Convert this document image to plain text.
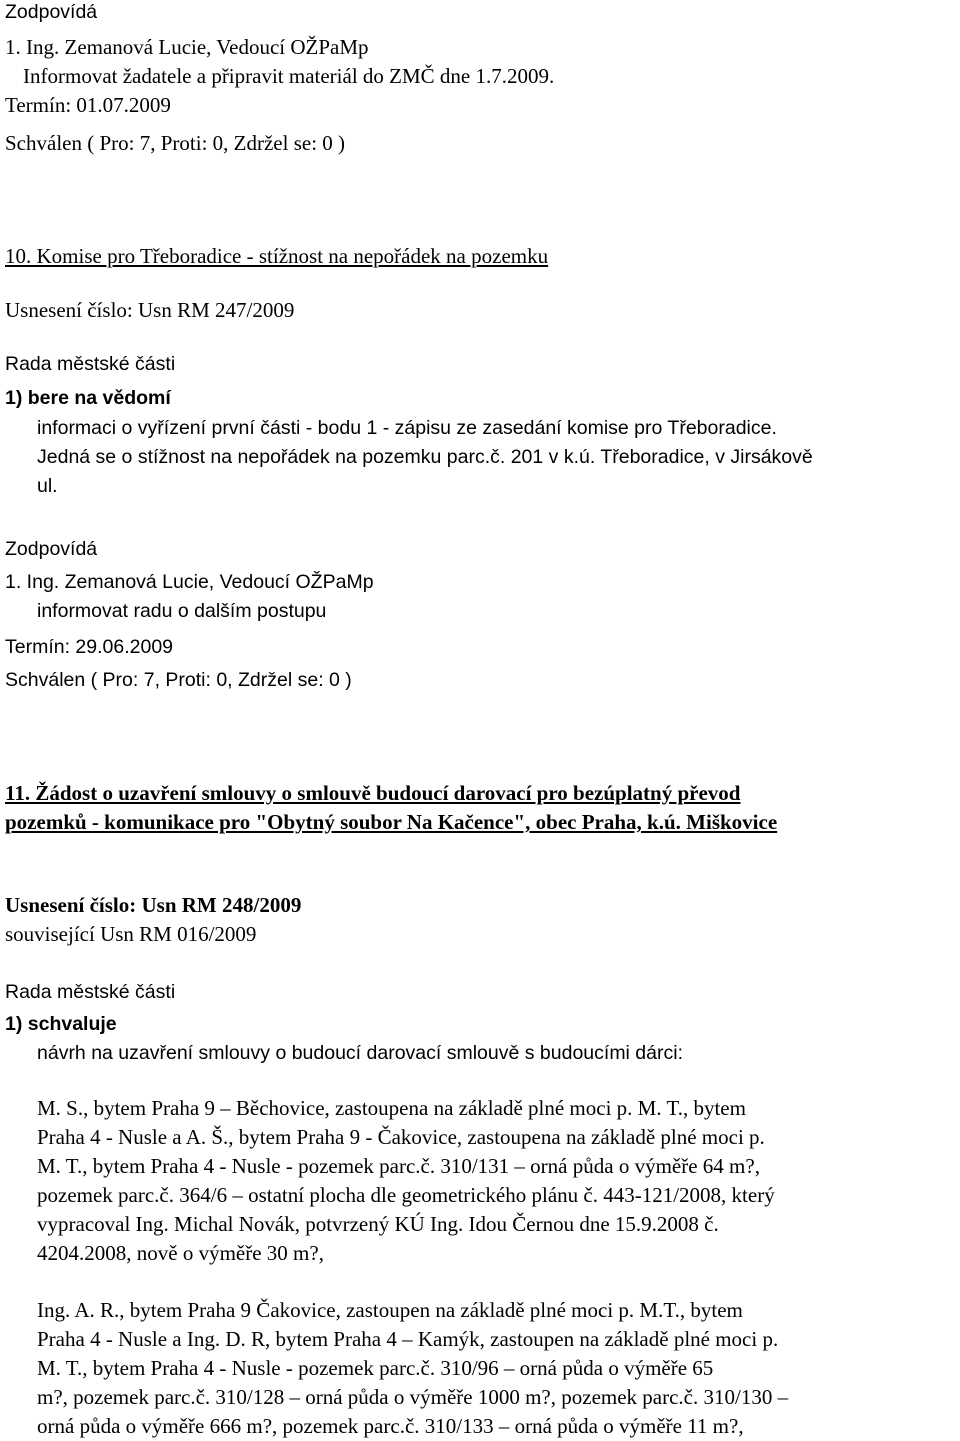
Zodpovídá
1. Ing. Zemanová Lucie, Vedoucí OŽPaMp
Informovat žadatele a připravit materiál do ZMČ dne 1.7.2009.
Termín: 01.07.2009
Schválen ( Pro: 7, Proti: 0, Zdržel se: 0 )
10. Komise pro Třeboradice - stížnost na nepořádek na pozemku
Usnesení číslo: Usn RM 247/2009
Rada městské části
1) bere na vědomí
informaci o vyřízení první části - bodu 1 - zápisu ze zasedání komise pro Třeboradice.
Jedná se o stížnost na nepořádek na pozemku parc.č. 201 v k.ú. Třeboradice, v Jirsákově
ul.
Zodpovídá
1. Ing. Zemanová Lucie, Vedoucí OŽPaMp
informovat radu o dalším postupu
Termín: 29.06.2009
Schválen ( Pro: 7, Proti: 0, Zdržel se: 0 )
11. Žádost o uzavření smlouvy o smlouvě budoucí darovací pro bezúplatný převod
pozemků - komunikace pro "Obytný soubor Na Kačence", obec Praha, k.ú. Miškovice
Usnesení číslo: Usn RM 248/2009
související Usn RM 016/2009
Rada městské části
1) schvaluje
návrh na uzavření smlouvy o budoucí darovací smlouvě s budoucími dárci:
M. S., bytem Praha 9 – Běchovice, zastoupena na základě plné moci p. M. T., bytem
Praha 4 - Nusle a A. Š., bytem Praha 9 - Čakovice, zastoupena na základě plné moci p.
M. T., bytem Praha 4 - Nusle - pozemek parc.č. 310/131 – orná půda o výměře 64 m?,
pozemek parc.č. 364/6 – ostatní plocha dle geometrického plánu č. 443-121/2008, který
vypracoval Ing. Michal Novák, potvrzený KÚ Ing. Idou Černou dne 15.9.2008 č.
4204.2008, nově o výměře 30 m?,
Ing. A. R., bytem Praha 9 Čakovice, zastoupen na základě plné moci p. M.T., bytem
Praha 4 - Nusle a Ing. D. R, bytem Praha 4 – Kamýk, zastoupen na základě plné moci p.
M. T., bytem Praha 4 - Nusle - pozemek parc.č. 310/96 – orná půda o výměře 65
m?, pozemek parc.č. 310/128 – orná půda o výměře 1000 m?, pozemek parc.č. 310/130 –
orná půda o výměře 666 m?, pozemek parc.č. 310/133 – orná půda o výměře 11 m?,
